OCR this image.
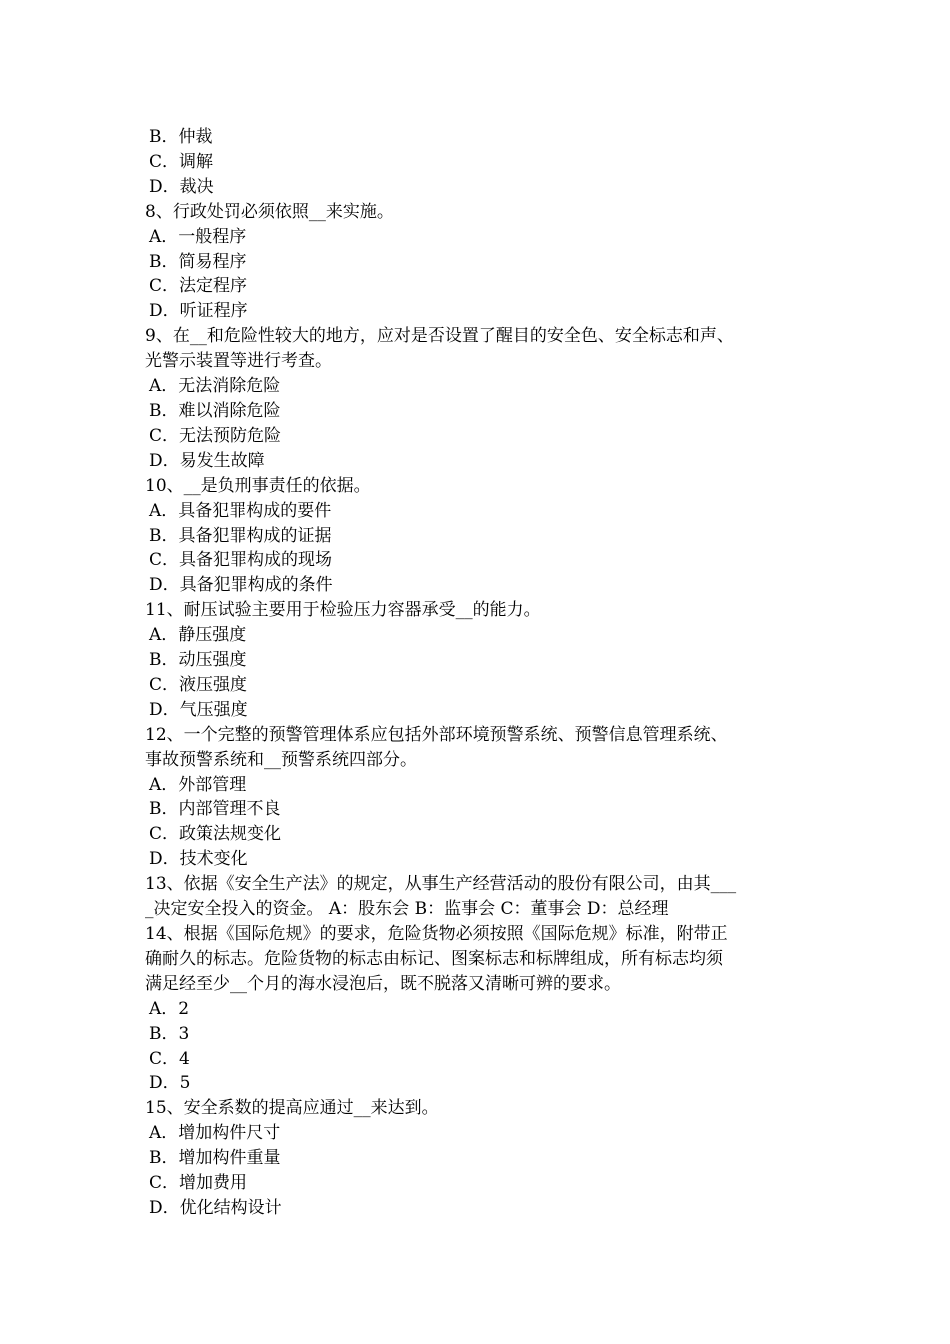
B．仲裁
C．调解
D．裁决
8、行政处罚必须依照__来实施。
A．一般程序
B．简易程序
C．法定程序
D．听证程序
9、在__和危险性较大的地方，应对是否设置了醒目的安全色、安全标志和声、
光警示装置等进行考查。
A．无法消除危险
B．难以消除危险
C．无法预防危险
D．易发生故障
10、__是负刑事责任的依据。
A．具备犯罪构成的要件
B．具备犯罪构成的证据
C．具备犯罪构成的现场
D．具备犯罪构成的条件
11、耐压试验主要用于检验压力容器承受__的能力。
A．静压强度
B．动压强度
C．液压强度
D．气压强度
12、一个完整的预警管理体系应包括外部环境预警系统、预警信息管理系统、
事故预警系统和__预警系统四部分。
A．外部管理
B．内部管理不良
C．政策法规变化
D．技术变化
13、依据《安全生产法》的规定，从事生产经营活动的股份有限公司，由其___
_决定安全投入的资金。 A：股东会 B：监事会 C：董事会 D：总经理
14、根据《国际危规》的要求，危险货物必须按照《国际危规》标准，附带正
确耐久的标志。危险货物的标志由标记、图案标志和标牌组成，所有标志均须
满足经至少__个月的海水浸泡后，既不脱落又清晰可辨的要求。
A．2
B．3
C．4
D．5
15、安全系数的提高应通过__来达到。
A．增加构件尺寸
B．增加构件重量
C．增加费用
D．优化结构设计
